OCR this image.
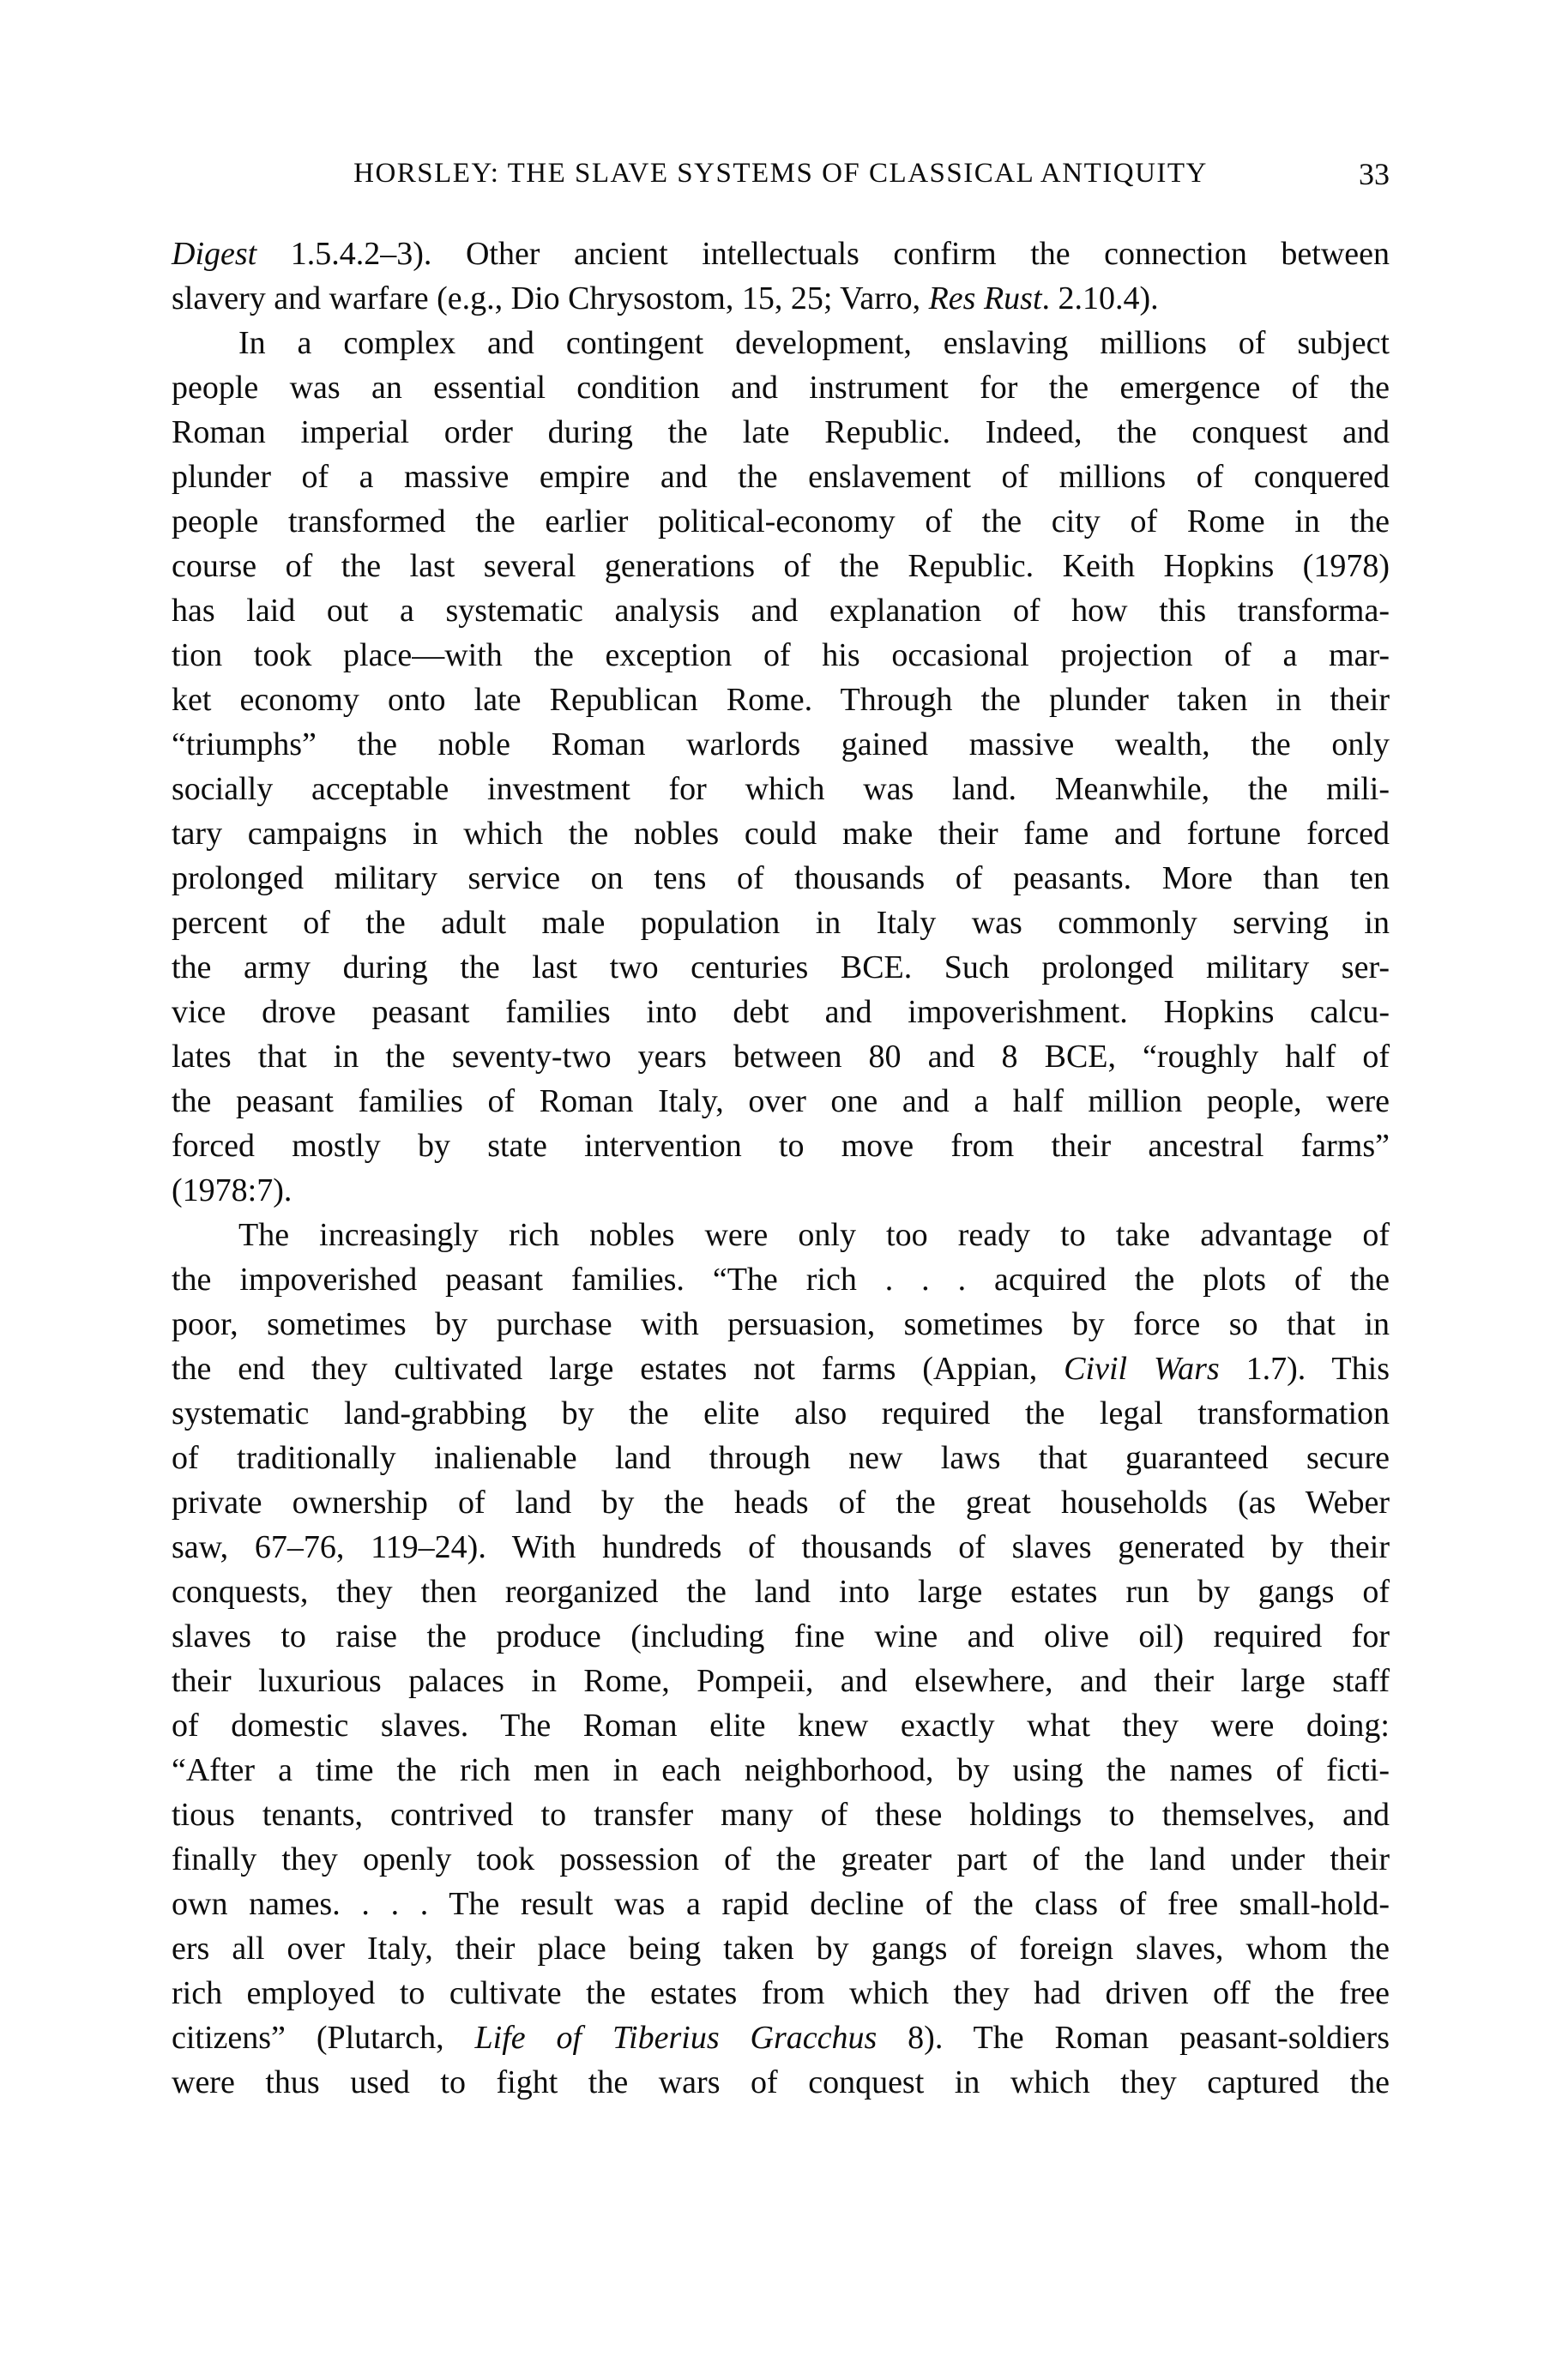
HORSLEY: THE SLAVE SYSTEMS OF CLASSICAL ANTIQUITY	33
Digest 1.5.4.2–3). Other ancient intellectuals confirm the connection between
slavery and warfare (e.g., Dio Chrysostom, 15, 25; Varro, Res Rust. 2.10.4).
In a complex and contingent development, enslaving millions of subject
people was an essential condition and instrument for the emergence of the
Roman imperial order during the late Republic. Indeed, the conquest and
plunder of a massive empire and the enslavement of millions of conquered
people transformed the earlier political-economy of the city of Rome in the
course of the last several generations of the Republic. Keith Hopkins (1978)
has laid out a systematic analysis and explanation of how this transforma-
tion took place—with the exception of his occasional projection of a mar-
ket economy onto late Republican Rome. Through the plunder taken in their
“triumphs” the noble Roman warlords gained massive wealth, the only
socially acceptable investment for which was land. Meanwhile, the mili-
tary campaigns in which the nobles could make their fame and fortune forced
prolonged military service on tens of thousands of peasants. More than ten
percent of the adult male population in Italy was commonly serving in
the army during the last two centuries BCE. Such prolonged military ser-
vice drove peasant families into debt and impoverishment. Hopkins calcu-
lates that in the seventy-two years between 80 and 8 BCE, “roughly half of
the peasant families of Roman Italy, over one and a half million people, were
forced mostly by state intervention to move from their ancestral farms”
(1978:7).
The increasingly rich nobles were only too ready to take advantage of
the impoverished peasant families. “The rich . . . acquired the plots of the
poor, sometimes by purchase with persuasion, sometimes by force so that in
the end they cultivated large estates not farms (Appian, Civil Wars 1.7). This
systematic land-grabbing by the elite also required the legal transformation
of traditionally inalienable land through new laws that guaranteed secure
private ownership of land by the heads of the great households (as Weber
saw, 67–76, 119–24). With hundreds of thousands of slaves generated by their
conquests, they then reorganized the land into large estates run by gangs of
slaves to raise the produce (including fine wine and olive oil) required for
their luxurious palaces in Rome, Pompeii, and elsewhere, and their large staff
of domestic slaves. The Roman elite knew exactly what they were doing:
“After a time the rich men in each neighborhood, by using the names of ficti-
tious tenants, contrived to transfer many of these holdings to themselves, and
finally they openly took possession of the greater part of the land under their
own names. . . . The result was a rapid decline of the class of free small-hold-
ers all over Italy, their place being taken by gangs of foreign slaves, whom the
rich employed to cultivate the estates from which they had driven off the free
citizens” (Plutarch, Life of Tiberius Gracchus 8). The Roman peasant-soldiers
were thus used to fight the wars of conquest in which they captured the
